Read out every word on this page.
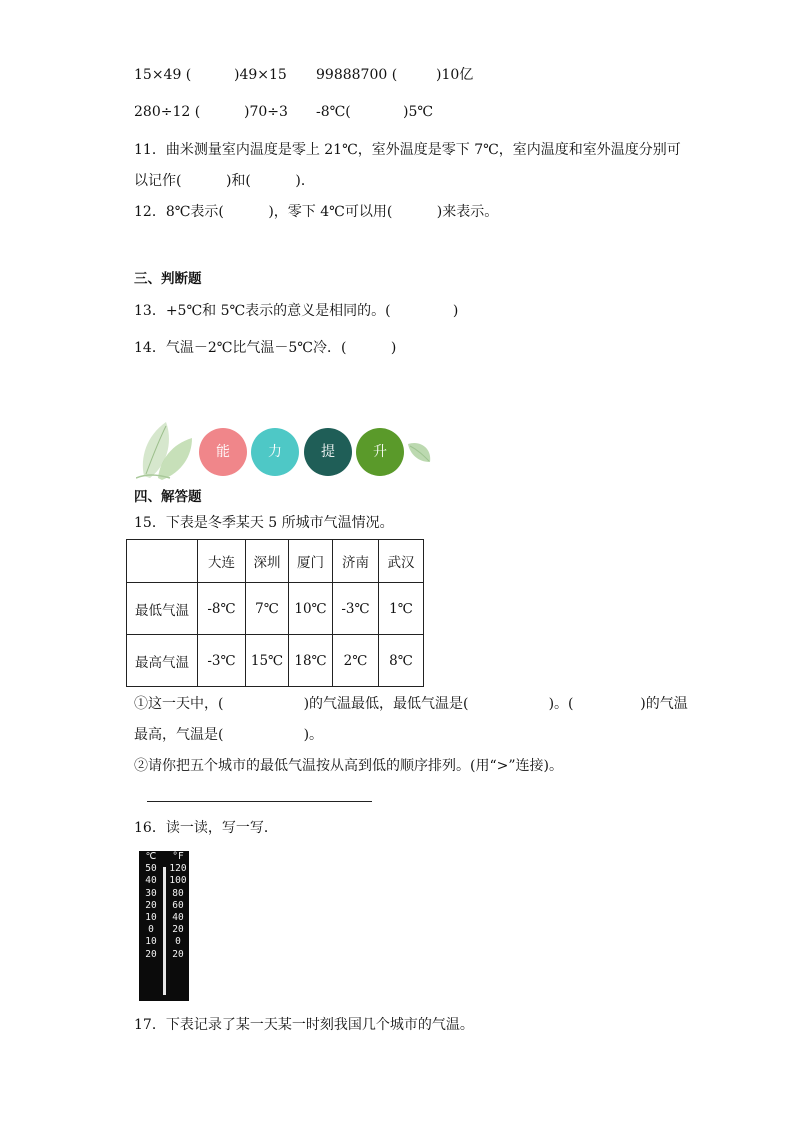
15×49 (	)49×15 99888700 (	)10亿
280÷12 (	)70÷3 -8℃(	)5℃
11．曲米测量室内温度是零上 21℃，室外温度是零下 7℃，室内温度和室外温度分别可
以记作(          )和(          )．
12．8℃表示(          )，零下 4℃可以用(          )来表示。
三、判断题
13．+5℃和 5℃表示的意义是相同的。(              )
14．气温－2℃比气温－5℃冷．(          )
能	力	提	升
四、解答题
15．下表是冬季某天 5 所城市气温情况。
	大连	深圳	厦门	济南	武汉
最低气温	-8℃	7℃	10℃	-3℃	1℃
最高气温	-3℃	15℃	18℃	2℃	8℃
①这一天中，(                  )的气温最低，最低气温是(                  )。(               )的气温
最高，气温是(                  )。
②请你把五个城市的最低气温按从高到低的顺序排列。(用“>”连接)。
16．读一读，写一写．
℃
50
40
30
20
10
0
10
20
°F
120
100
80
60
40
20
0
20
17．下表记录了某一天某一时刻我国几个城市的气温。
